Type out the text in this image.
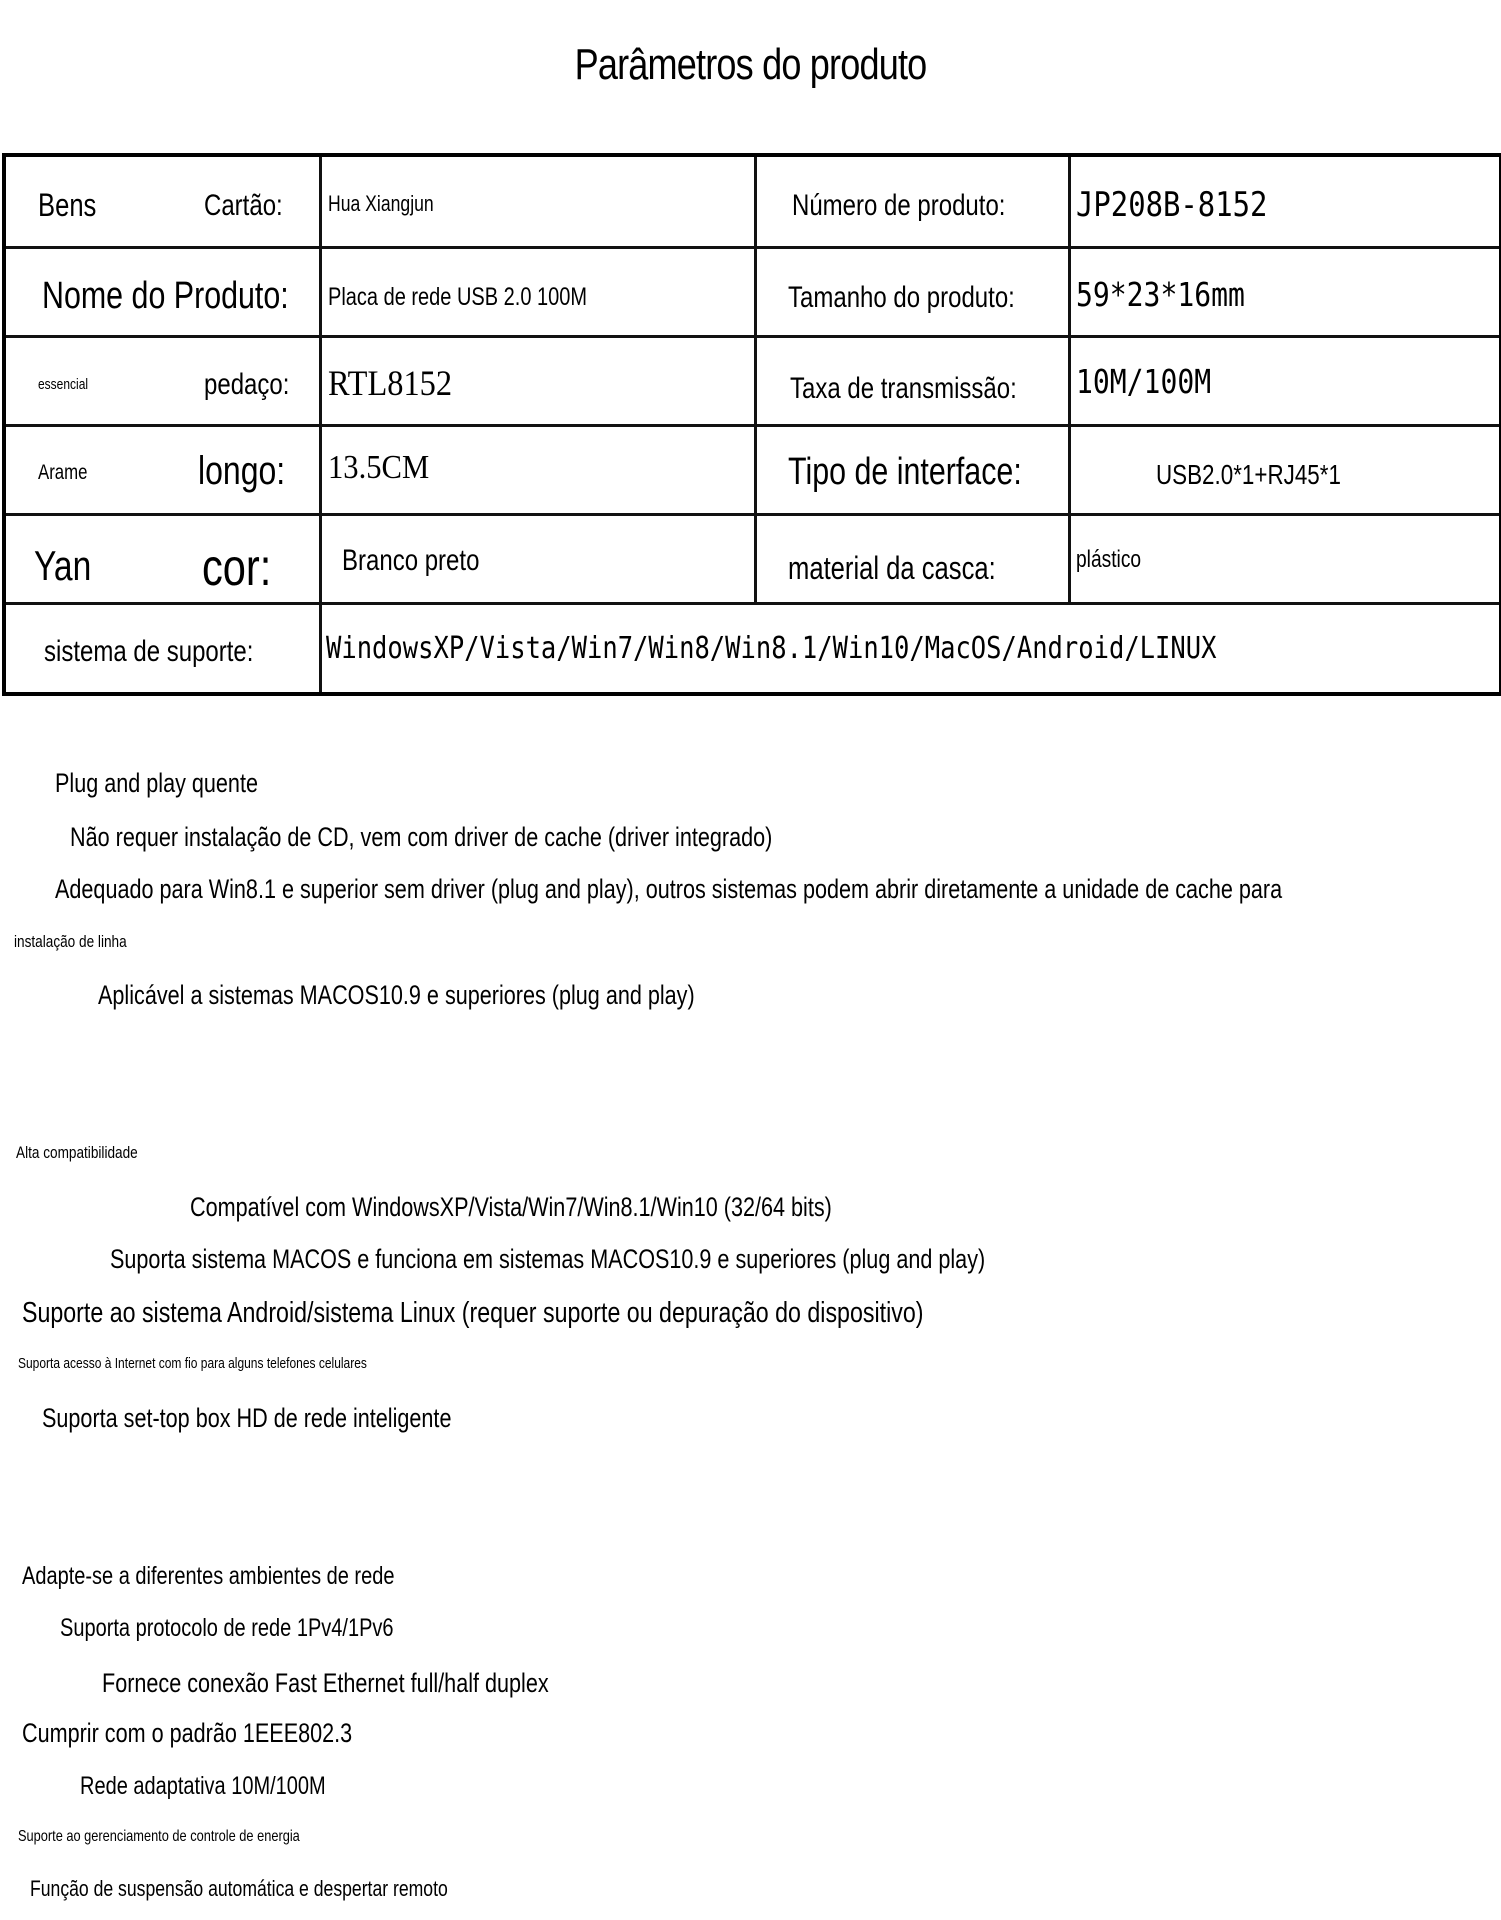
Parâmetros do produto
Bens	Cartão: Hua Xiangjun	Número de produto: JP208B-8152
Nome do Produto: Placa de rede USB 2.0 100M	Tamanho do produto: 59*23*16mm
essencial	pedaço: RTL8152	Taxa de transmissão: 10M/100M
Arame	longo: 13.5CM	Tipo de interface:	USB2.0*1+RJ45*1
Yan cor: Branco preto	material da casca:	plástico
sistema de suporte: WindowsXP/Vista/Win7/Win8/Win8.1/Win10/MacOS/Android/LINUX
Plug and play quente
Não requer instalação de CD, vem com driver de cache (driver integrado)
Adequado para Win8.1 e superior sem driver (plug and play), outros sistemas podem abrir diretamente a unidade de cache para
instalação de linha
Aplicável a sistemas MACOS10.9 e superiores (plug and play)
Alta compatibilidade
Compatível com WindowsXP/Vista/Win7/Win8.1/Win10 (32/64 bits)
Suporta sistema MACOS e funciona em sistemas MACOS10.9 e superiores (plug and play)
Suporte ao sistema Android/sistema Linux (requer suporte ou depuração do dispositivo)
Suporta acesso à Internet com fio para alguns telefones celulares
Suporta set-top box HD de rede inteligente
Adapte-se a diferentes ambientes de rede
Suporta protocolo de rede 1Pv4/1Pv6
Fornece conexão Fast Ethernet full/half duplex
Cumprir com o padrão 1EEE802.3
Rede adaptativa 10M/100M
Suporte ao gerenciamento de controle de energia
Função de suspensão automática e despertar remoto
